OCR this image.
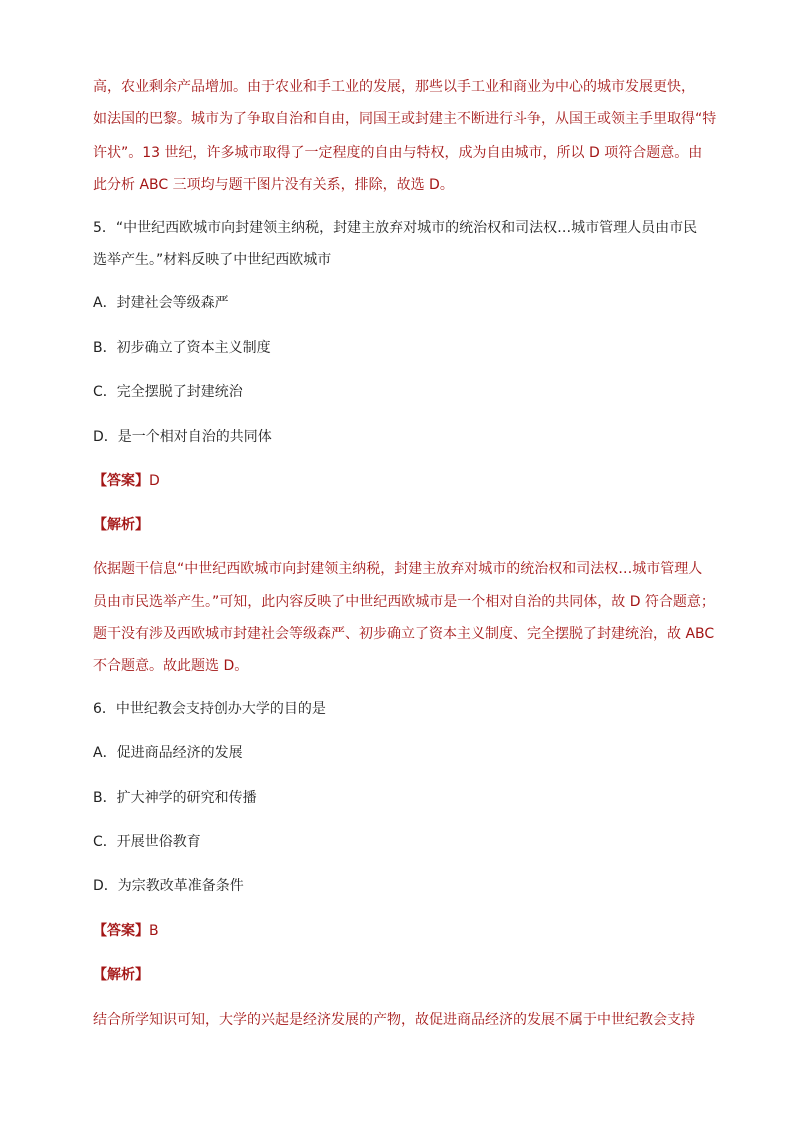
高，农业剩余产品增加。由于农业和手工业的发展，那些以手工业和商业为中心的城市发展更快，
如法国的巴黎。城市为了争取自治和自由，同国王或封建主不断进行斗争，从国王或领主手里取得“特
许状”。13 世纪，许多城市取得了一定程度的自由与特权，成为自由城市，所以 D 项符合题意。由
此分析 ABC 三项均与题干图片没有关系，排除，故选 D。
5．“中世纪西欧城市向封建领主纳税，封建主放弃对城市的统治权和司法权…城市管理人员由市民
选举产生。”材料反映了中世纪西欧城市
A．封建社会等级森严
B．初步确立了资本主义制度
C．完全摆脱了封建统治
D．是一个相对自治的共同体
【答案】D
【解析】
依据题干信息“中世纪西欧城市向封建领主纳税，封建主放弃对城市的统治权和司法权…城市管理人
员由市民选举产生。”可知，此内容反映了中世纪西欧城市是一个相对自治的共同体，故 D 符合题意；
题干没有涉及西欧城市封建社会等级森严、初步确立了资本主义制度、完全摆脱了封建统治，故 ABC
不合题意。故此题选 D。
6．中世纪教会支持创办大学的目的是
A．促进商品经济的发展
B．扩大神学的研究和传播
C．开展世俗教育
D．为宗教改革准备条件
【答案】B
【解析】
结合所学知识可知，大学的兴起是经济发展的产物，故促进商品经济的发展不属于中世纪教会支持
